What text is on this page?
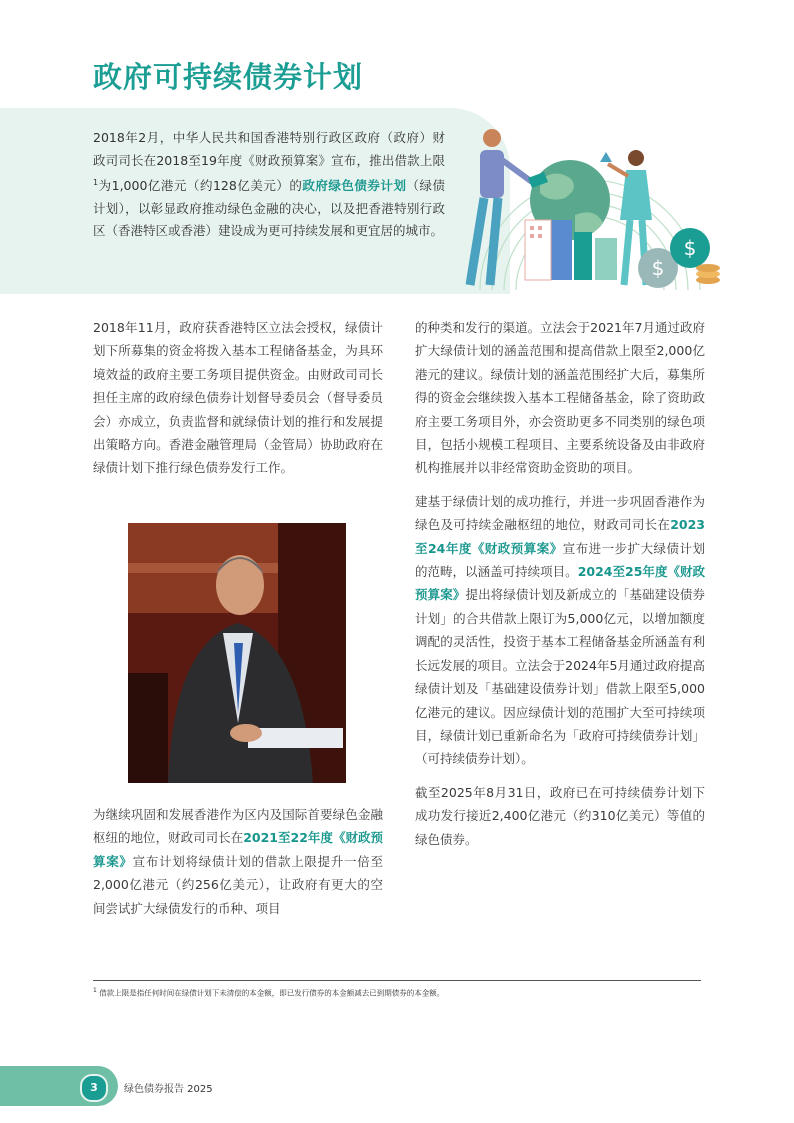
政府可持续债券计划
2018年2月，中华人民共和国香港特别行政区政府（政府）财政司司长在2018至19年度《财政预算案》宣布，推出借款上限$^1$为1,000亿港元（约128亿美元）的政府绿色债券计划（绿债计划），以彰显政府推动绿色金融的决心，以及把香港特别行政区（香港特区或香港）建设成为更可持续发展和更宜居的城市。
$
$

2018年11月，政府获香港特区立法会授权，绿债计划下所募集的资金将拨入基本工程储备基金，为具环境效益的政府主要工务项目提供资金。由财政司司长担任主席的政府绿色债券计划督导委员会（督导委员会）亦成立，负责监督和就绿债计划的推行和发展提出策略方向。香港金融管理局（金管局）协助政府在绿债计划下推行绿色债券发行工作。

为继续巩固和发展香港作为区内及国际首要绿色金融枢纽的地位，财政司司长在2021至22年度《财政预算案》宣布计划将绿债计划的借款上限提升一倍至2,000亿港元（约256亿美元），让政府有更大的空间尝试扩大绿债发行的币种、项目

的种类和发行的渠道。立法会于2021年7月通过政府扩大绿债计划的涵盖范围和提高借款上限至2,000亿港元的建议。绿债计划的涵盖范围经扩大后，募集所得的资金会继续拨入基本工程储备基金，除了资助政府主要工务项目外，亦会资助更多不同类别的绿色项目，包括小规模工程项目、主要系统设备及由非政府机构推展并以非经常资助金资助的项目。

建基于绿债计划的成功推行，并进一步巩固香港作为绿色及可持续金融枢纽的地位，财政司司长在2023至24年度《财政预算案》宣布进一步扩大绿债计划的范畴，以涵盖可持续项目。2024至25年度《财政预算案》提出将绿债计划及新成立的「基础建设债券计划」的合共借款上限订为5,000亿元，以增加额度调配的灵活性，投资于基本工程储备基金所涵盖有利长远发展的项目。立法会于2024年5月通过政府提高绿债计划及「基础建设债券计划」借款上限至5,000亿港元的建议。因应绿债计划的范围扩大至可持续项目，绿债计划已重新命名为「政府可持续债券计划」（可持续债券计划）。

截至2025年8月31日，政府已在可持续债券计划下成功发行接近2,400亿港元（约310亿美元）等值的绿色债券。

$^1$ 借款上限是指任何时间在绿债计划下未清偿的本金额，即已发行债券的本金额减去已到期债券的本金额。
3	绿色债券报告 2025
